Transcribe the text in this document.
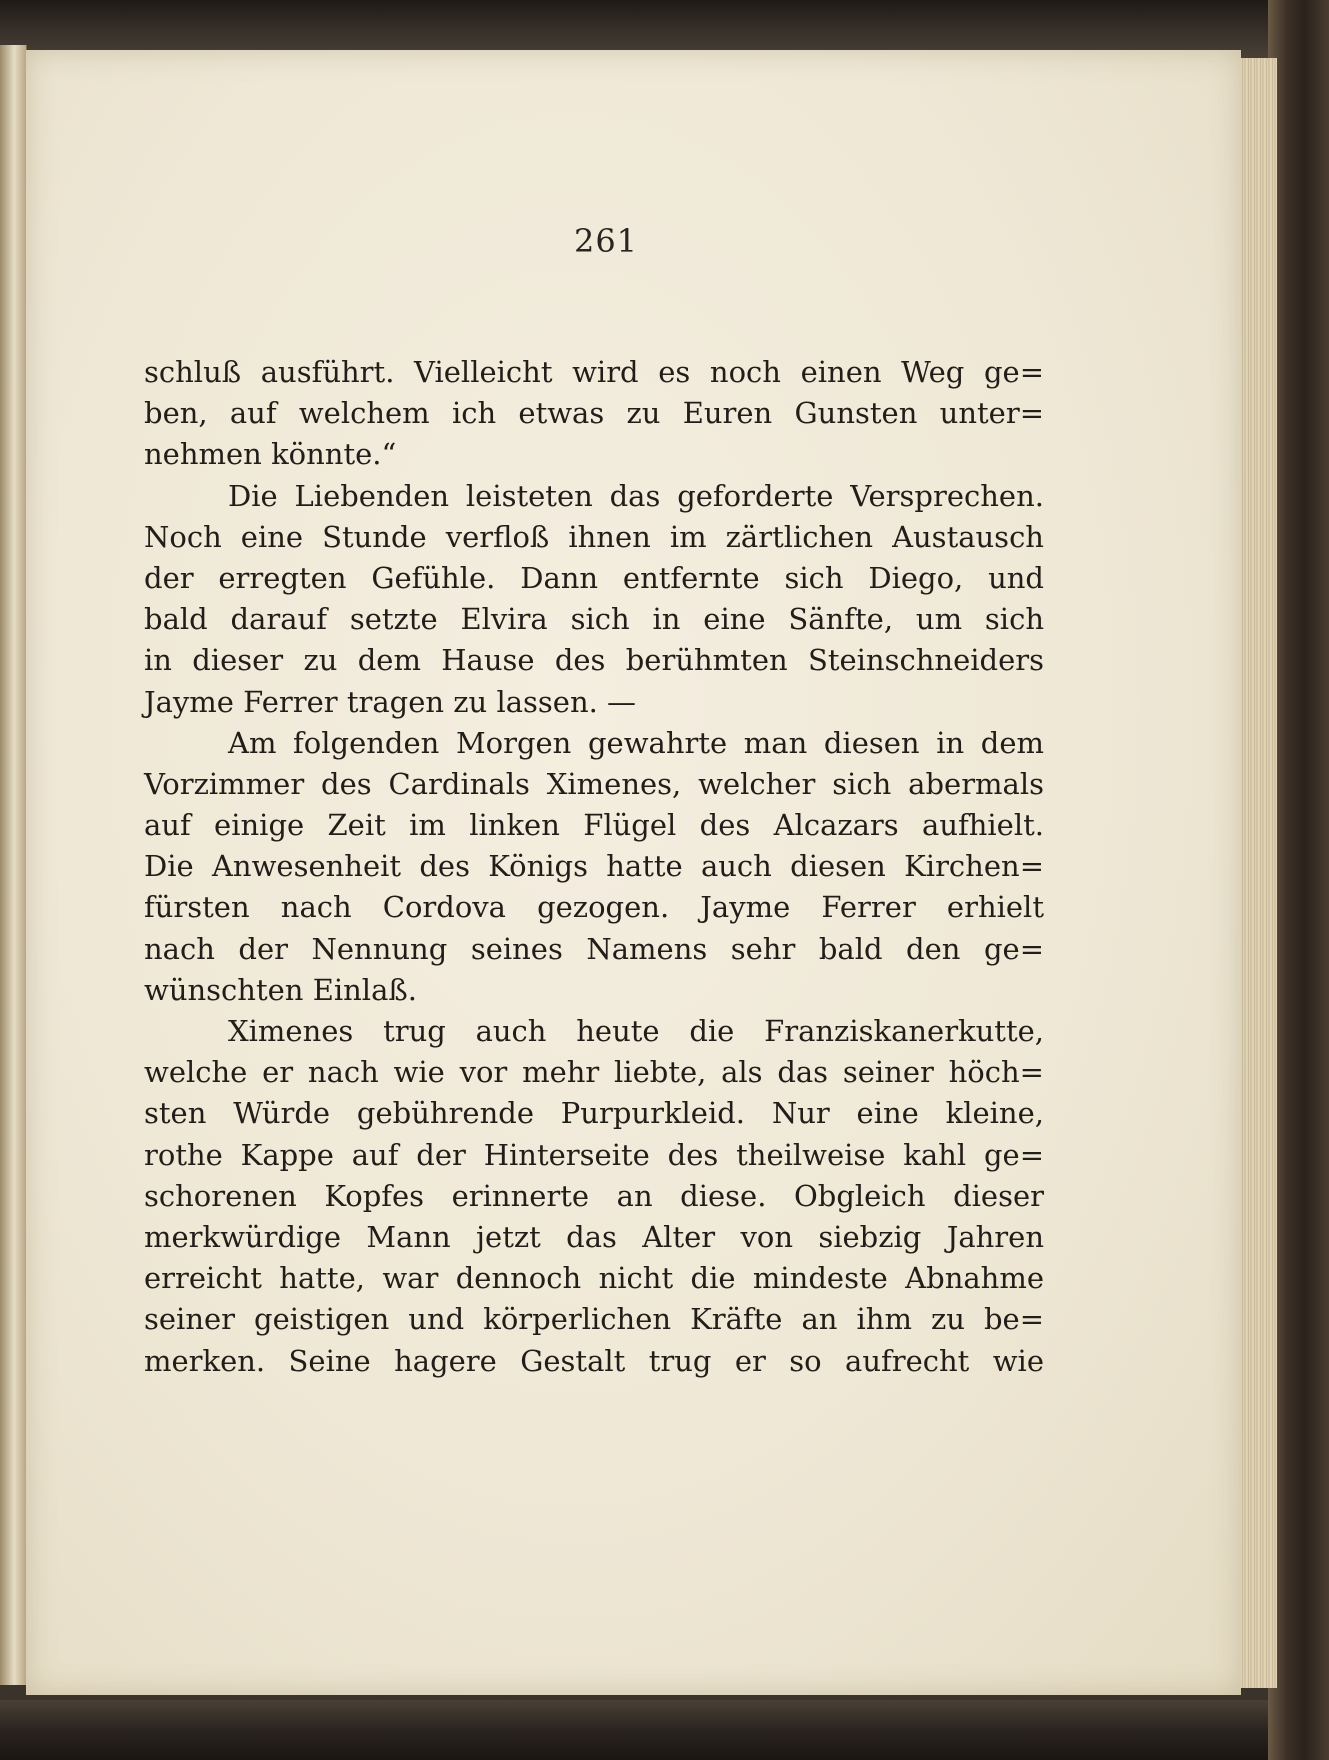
261
schluß ausführt. Vielleicht wird es noch einen Weg ge=
ben, auf welchem ich etwas zu Euren Gunsten unter=
nehmen könnte.“
Die Liebenden leisteten das geforderte Versprechen.
Noch eine Stunde verfloß ihnen im zärtlichen Austausch
der erregten Gefühle. Dann entfernte sich Diego, und
bald darauf setzte Elvira sich in eine Sänfte, um sich
in dieser zu dem Hause des berühmten Steinschneiders
Jayme Ferrer tragen zu lassen. —
Am folgenden Morgen gewahrte man diesen in dem
Vorzimmer des Cardinals Ximenes, welcher sich abermals
auf einige Zeit im linken Flügel des Alcazars aufhielt.
Die Anwesenheit des Königs hatte auch diesen Kirchen=
fürsten nach Cordova gezogen. Jayme Ferrer erhielt
nach der Nennung seines Namens sehr bald den ge=
wünschten Einlaß.
Ximenes trug auch heute die Franziskanerkutte,
welche er nach wie vor mehr liebte, als das seiner höch=
sten Würde gebührende Purpurkleid. Nur eine kleine,
rothe Kappe auf der Hinterseite des theilweise kahl ge=
schorenen Kopfes erinnerte an diese. Obgleich dieser
merkwürdige Mann jetzt das Alter von siebzig Jahren
erreicht hatte, war dennoch nicht die mindeste Abnahme
seiner geistigen und körperlichen Kräfte an ihm zu be=
merken. Seine hagere Gestalt trug er so aufrecht wie
